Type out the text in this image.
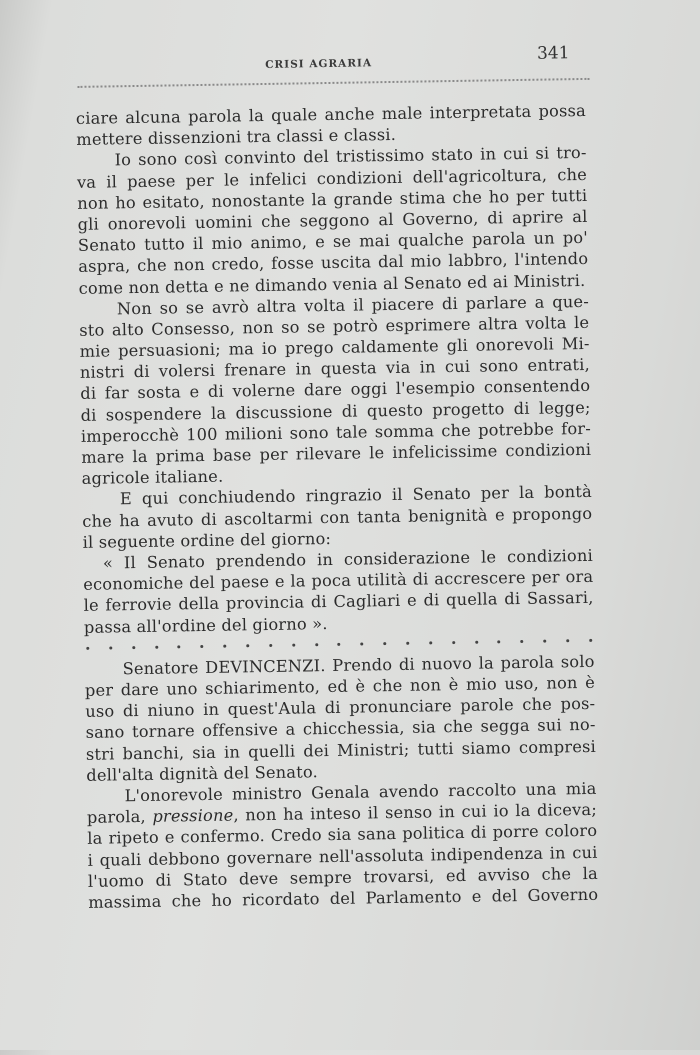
CRISI AGRARIA
341
ciare alcuna parola la quale anche male interpretata possa
mettere dissenzioni tra classi e classi.
Io sono così convinto del tristissimo stato in cui si tro-
va il paese per le infelici condizioni dell'agricoltura, che
non ho esitato, nonostante la grande stima che ho per tutti
gli onorevoli uomini che seggono al Governo, di aprire al
Senato tutto il mio animo, e se mai qualche parola un po'
aspra, che non credo, fosse uscita dal mio labbro, l'intendo
come non detta e ne dimando venia al Senato ed ai Ministri.
Non so se avrò altra volta il piacere di parlare a que-
sto alto Consesso, non so se potrò esprimere altra volta le
mie persuasioni; ma io prego caldamente gli onorevoli Mi-
nistri di volersi frenare in questa via in cui sono entrati,
di far sosta e di volerne dare oggi l'esempio consentendo
di sospendere la discussione di questo progetto di legge;
imperocchè 100 milioni sono tale somma che potrebbe for-
mare la prima base per rilevare le infelicissime condizioni
agricole italiane.
E qui conchiudendo ringrazio il Senato per la bontà
che ha avuto di ascoltarmi con tanta benignità e propongo
il seguente ordine del giorno:
« Il Senato prendendo in considerazione le condizioni
economiche del paese e la poca utilità di accrescere per ora
le ferrovie della provincia di Cagliari e di quella di Sassari,
passa all'ordine del giorno ».
Senatore DEVINCENZI. Prendo di nuovo la parola solo
per dare uno schiarimento, ed è che non è mio uso, non è
uso di niuno in quest'Aula di pronunciare parole che pos-
sano tornare offensive a chicchessia, sia che segga sui no-
stri banchi, sia in quelli dei Ministri; tutti siamo compresi
dell'alta dignità del Senato.
L'onorevole ministro Genala avendo raccolto una mia
parola, pressione, non ha inteso il senso in cui io la diceva;
la ripeto e confermo. Credo sia sana politica di porre coloro
i quali debbono governare nell'assoluta indipendenza in cui
l'uomo di Stato deve sempre trovarsi, ed avviso che la
massima che ho ricordato del Parlamento e del Governo
